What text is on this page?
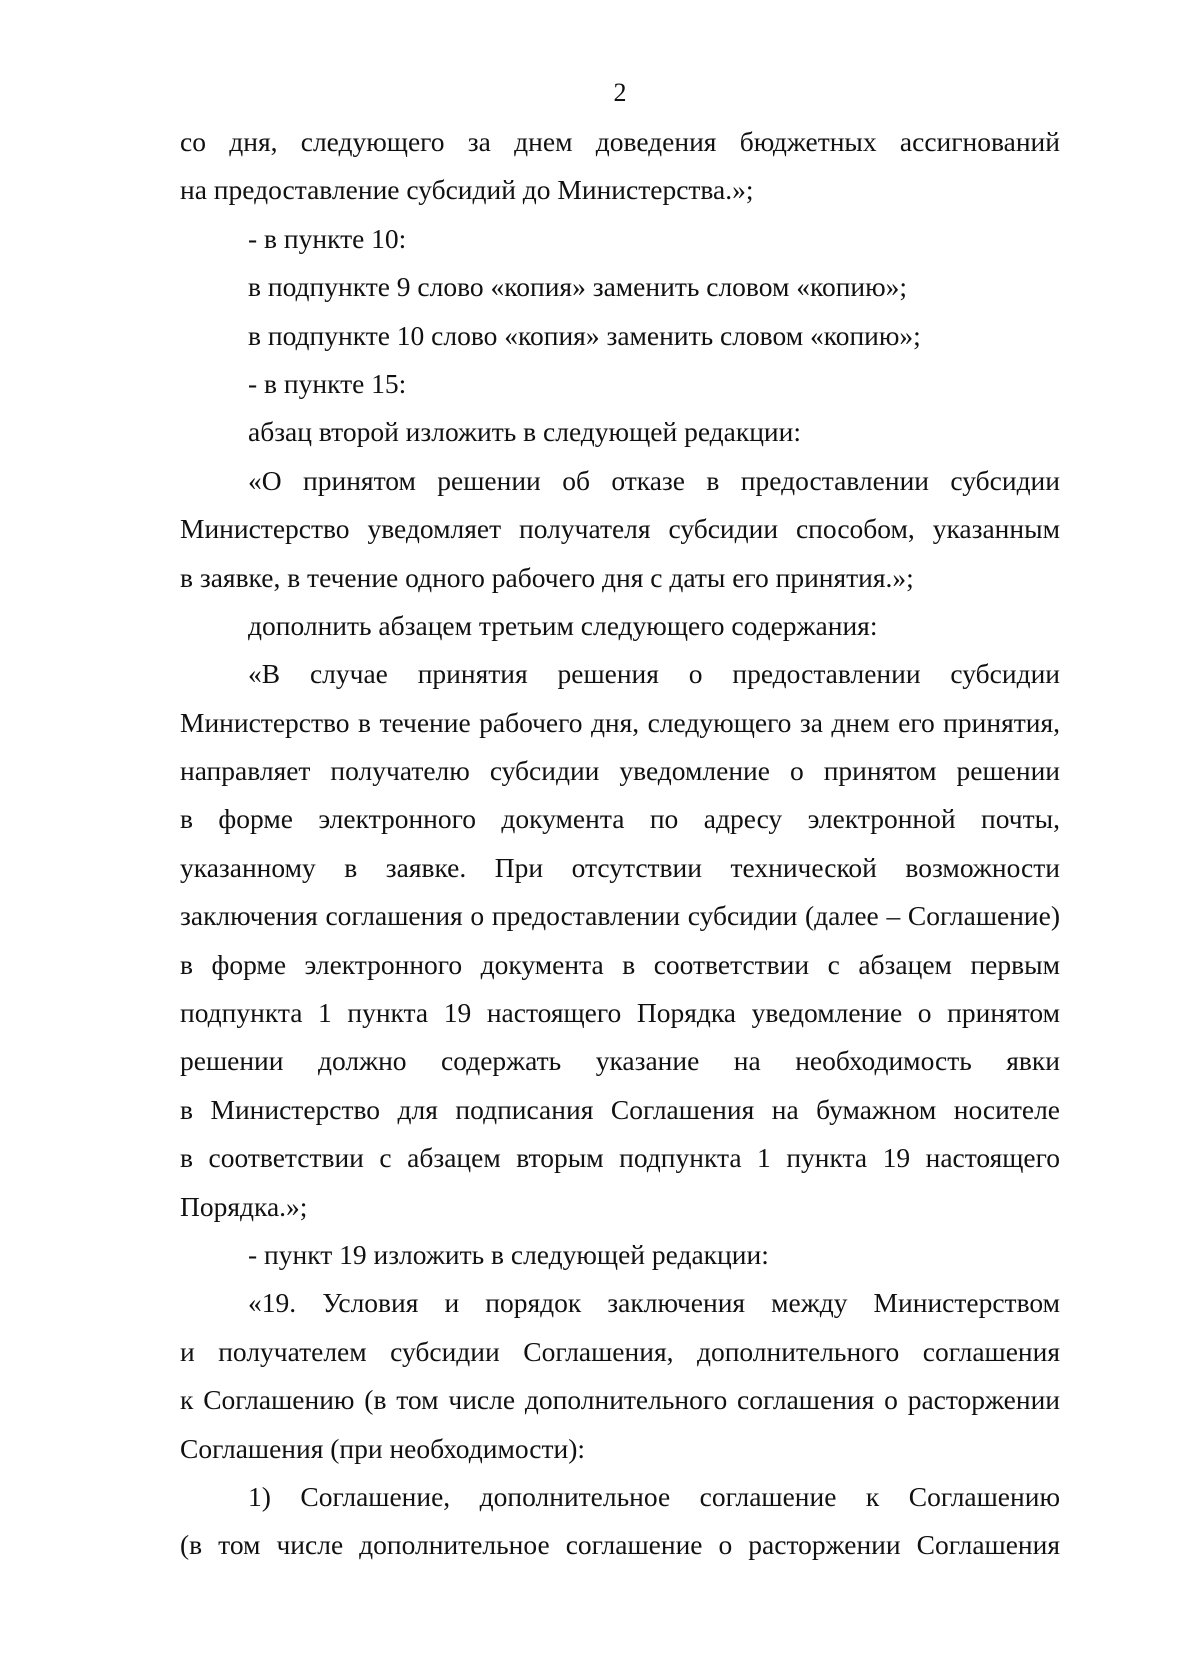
2
со дня, следующего за днем доведения бюджетных ассигнований
на предоставление субсидий до Министерства.»;
- в пункте 10:
в подпункте 9 слово «копия» заменить словом «копию»;
в подпункте 10 слово «копия» заменить словом «копию»;
- в пункте 15:
абзац второй изложить в следующей редакции:
«О принятом решении об отказе в предоставлении субсидии
Министерство уведомляет получателя субсидии способом, указанным
в заявке, в течение одного рабочего дня с даты его принятия.»;
дополнить абзацем третьим следующего содержания:
«В случае принятия решения о предоставлении субсидии
Министерство в течение рабочего дня, следующего за днем его принятия,
направляет получателю субсидии уведомление о принятом решении
в форме электронного документа по адресу электронной почты,
указанному в заявке. При отсутствии технической возможности
заключения соглашения о предоставлении субсидии (далее – Соглашение)
в форме электронного документа в соответствии с абзацем первым
подпункта 1 пункта 19 настоящего Порядка уведомление о принятом
решении должно содержать указание на необходимость явки
в Министерство для подписания Соглашения на бумажном носителе
в соответствии с абзацем вторым подпункта 1 пункта 19 настоящего
Порядка.»;
- пункт 19 изложить в следующей редакции:
«19. Условия и порядок заключения между Министерством
и получателем субсидии Соглашения, дополнительного соглашения
к Соглашению (в том числе дополнительного соглашения о расторжении
Соглашения (при необходимости):
1) Соглашение, дополнительное соглашение к Соглашению
(в том числе дополнительное соглашение о расторжении Соглашения
